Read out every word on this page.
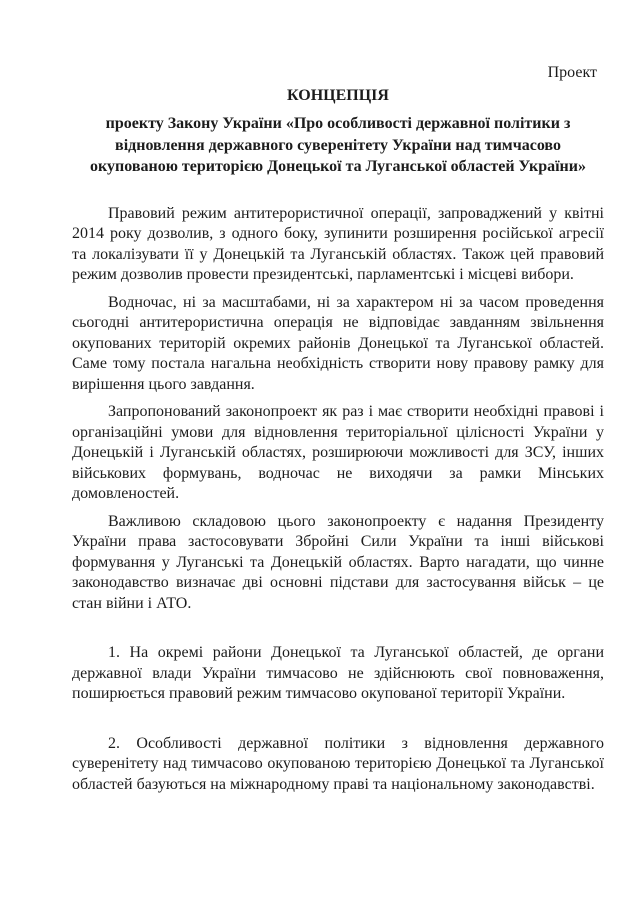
Проект
КОНЦЕПЦІЯ
проекту Закону України «Про особливості державної політики з відновлення державного суверенітету України над тимчасово окупованою територією Донецької та Луганської областей України»

Правовий режим антитерористичної операції, запроваджений у квітні 2014 року дозволив, з одного боку, зупинити розширення російської агресії та локалізувати її у Донецькій та Луганській областях. Також цей правовий режим дозволив провести президентські, парламентські і місцеві вибори.

Водночас, ні за масштабами, ні за характером ні за часом проведення сьогодні антитерористична операція не відповідає завданням звільнення окупованих територій окремих районів Донецької та Луганської областей. Саме тому постала нагальна необхідність створити нову правову рамку для вирішення цього завдання.

Запропонований законопроект як раз і має створити необхідні правові і організаційні умови для відновлення територіальної цілісності України у Донецькій і Луганській областях, розширюючи можливості для ЗСУ, інших військових формувань, водночас не виходячи за рамки Мінських домовленостей.

Важливою складовою цього законопроекту є надання Президенту України права застосовувати Збройні Сили України та інші військові формування у Луганські та Донецькій областях. Варто нагадати, що чинне законодавство визначає дві основні підстави для застосування військ – це стан війни і АТО.

1. На окремі райони Донецької та Луганської областей, де органи державної влади України тимчасово не здійснюють свої повноваження, поширюється правовий режим тимчасово окупованої території України.

2. Особливості державної політики з відновлення державного суверенітету над тимчасово окупованою територією Донецької та Луганської областей базуються на міжнародному праві та національному законодавстві.
